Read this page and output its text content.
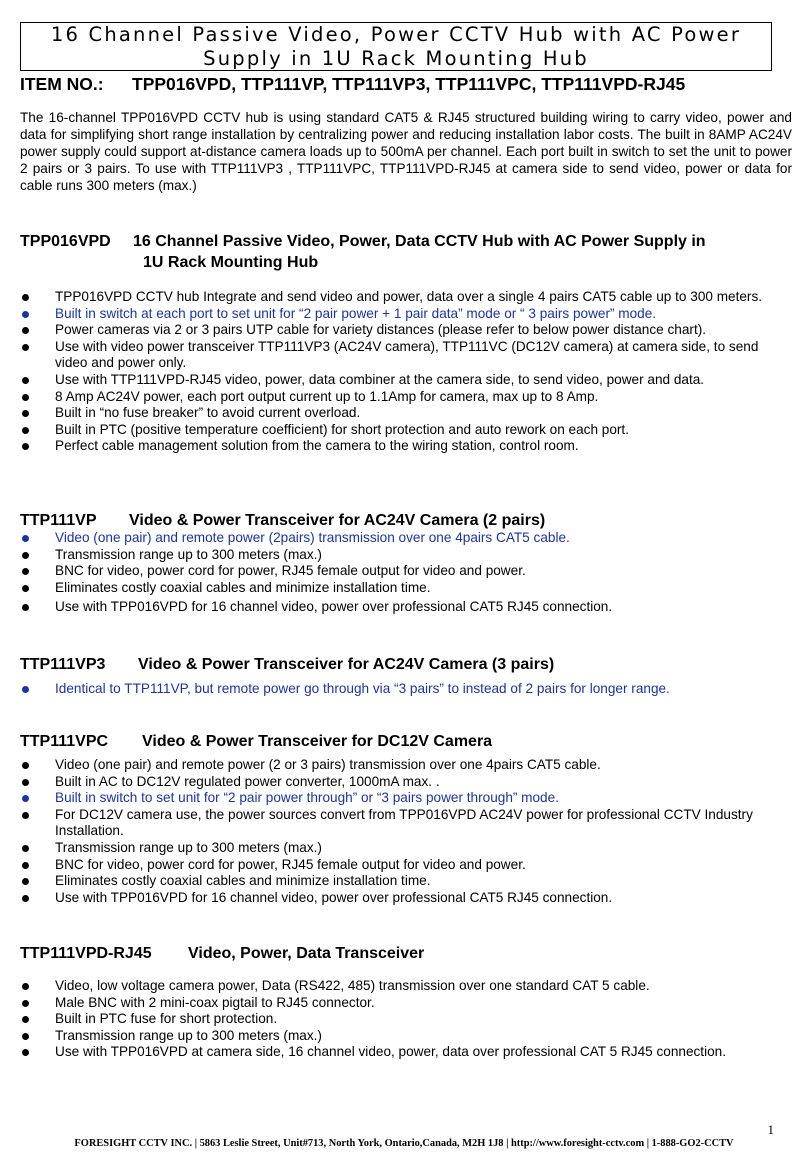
16 Channel Passive Video, Power CCTV Hub with AC Power
Supply in 1U Rack Mounting Hub
ITEM NO.: TPP016VPD, TTP111VP, TTP111VP3, TTP111VPC, TTP111VPD-RJ45

The 16-channel TPP016VPD CCTV hub is using standard CAT5 & RJ45 structured building wiring to carry video, power and data for simplifying short range installation by centralizing power and reducing installation labor costs. The built in 8AMP AC24V power supply could support at-distance camera loads up to 500mA per channel. Each port built in switch to set the unit to power 2 pairs or 3 pairs. To use with TTP111VP3 , TTP111VPC, TTP111VPD-RJ45 at camera side to send video, power or data for cable runs 300 meters (max.)

TPP016VPD 16 Channel Passive Video, Power, Data CCTV Hub with AC Power Supply in
1U Rack Mounting Hub
TPP016VPD CCTV hub Integrate and send video and power, data over a single 4 pairs CAT5 cable up to 300 meters.
Built in switch at each port to set unit for “2 pair power + 1 pair data” mode or “ 3 pairs power” mode.
Power cameras via 2 or 3 pairs UTP cable for variety distances (please refer to below power distance chart).
Use with video power transceiver TTP111VP3 (AC24V camera), TTP111VC (DC12V camera) at camera side, to send video and power only.
Use with TTP111VPD-RJ45 video, power, data combiner at the camera side, to send video, power and data.
8 Amp AC24V power, each port output current up to 1.1Amp for camera, max up to 8 Amp.
Built in “no fuse breaker” to avoid current overload.
Built in PTC (positive temperature coefficient) for short protection and auto rework on each port.
Perfect cable management solution from the camera to the wiring station, control room.
TTP111VP Video & Power Transceiver for AC24V Camera (2 pairs)
Video (one pair) and remote power (2pairs) transmission over one 4pairs CAT5 cable.
Transmission range up to 300 meters (max.)
BNC for video, power cord for power, RJ45 female output for video and power.
Eliminates costly coaxial cables and minimize installation time.
Use with TPP016VPD for 16 channel video, power over professional CAT5 RJ45 connection.
TTP111VP3 Video & Power Transceiver for AC24V Camera (3 pairs)
Identical to TTP111VP, but remote power go through via “3 pairs” to instead of 2 pairs for longer range.
TTP111VPC Video & Power Transceiver for DC12V Camera
Video (one pair) and remote power (2 or 3 pairs) transmission over one 4pairs CAT5 cable.
Built in AC to DC12V regulated power converter, 1000mA max. .
Built in switch to set unit for “2 pair power through” or “3 pairs power through” mode.
For DC12V camera use, the power sources convert from TPP016VPD AC24V power for professional CCTV Industry Installation.
Transmission range up to 300 meters (max.)
BNC for video, power cord for power, RJ45 female output for video and power.
Eliminates costly coaxial cables and minimize installation time.
Use with TPP016VPD for 16 channel video, power over professional CAT5 RJ45 connection.
TTP111VPD-RJ45 Video, Power, Data Transceiver
Video, low voltage camera power, Data (RS422, 485) transmission over one standard CAT 5 cable.
Male BNC with 2 mini-coax pigtail to RJ45 connector.
Built in PTC fuse for short protection.
Transmission range up to 300 meters (max.)
Use with TPP016VPD at camera side, 16 channel video, power, data over professional CAT 5 RJ45 connection.
1
FORESIGHT CCTV INC. | 5863 Leslie Street, Unit#713, North York, Ontario,Canada, M2H 1J8 | http://www.foresight-cctv.com | 1-888-GO2-CCTV
